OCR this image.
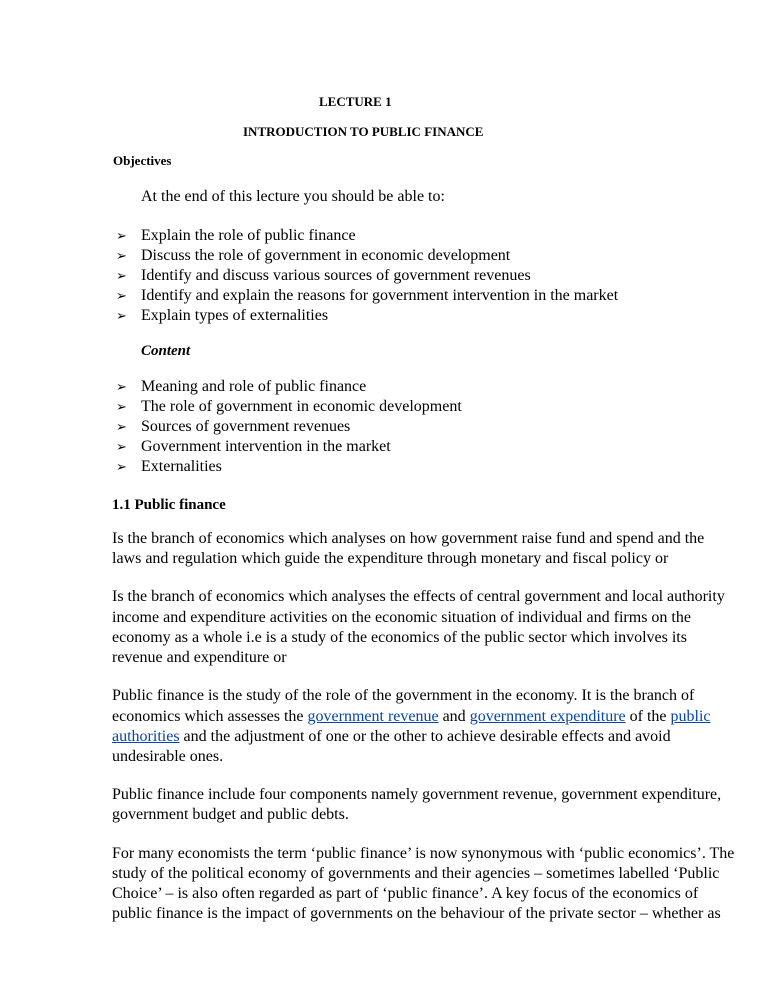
LECTURE 1
INTRODUCTION TO PUBLIC FINANCE
Objectives
At the end of this lecture you should be able to:
➢ Explain the role of public finance
➢ Discuss the role of government in economic development
➢ Identify and discuss various sources of government revenues
➢ Identify and explain the reasons for government intervention in the market
➢ Explain types of externalities
Content
➢ Meaning and role of public finance
➢ The role of government in economic development
➢ Sources of government revenues
➢ Government intervention in the market
➢ Externalities
1.1 Public finance
Is the branch of economics which analyses on how government raise fund and spend and the
laws and regulation which guide the expenditure through monetary and fiscal policy or
Is the branch of economics which analyses the effects of central government and local authority
income and expenditure activities on the economic situation of individual and firms on the
economy as a whole i.e is a study of the economics of the public sector which involves its
revenue and expenditure or
Public finance is the study of the role of the government in the economy. It is the branch of
economics which assesses the government revenue and government expenditure of the public
authorities and the adjustment of one or the other to achieve desirable effects and avoid
undesirable ones.
Public finance include four components namely government revenue, government expenditure,
government budget and public debts.
For many economists the term ‘public finance’ is now synonymous with ‘public economics’. The
study of the political economy of governments and their agencies – sometimes labelled ‘Public
Choice’ – is also often regarded as part of ‘public finance’. A key focus of the economics of
public finance is the impact of governments on the behaviour of the private sector – whether as
